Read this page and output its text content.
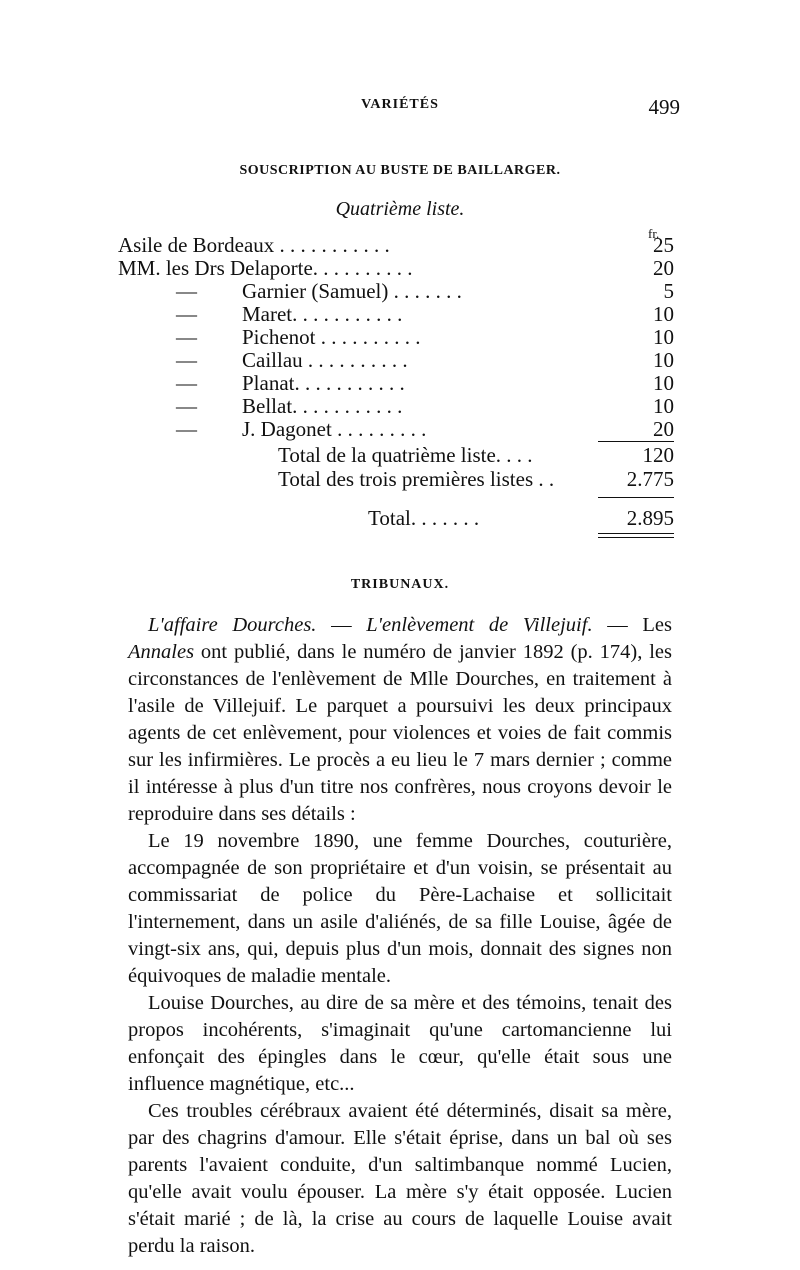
VARIÉTÉS	499
SOUSCRIPTION AU BUSTE DE BAILLARGER.
Quatrième liste.
fr.
Asile de Bordeaux . . . . . . . . . . .	25
MM. les Drs Delaporte. . . . . . . . . .	20
— Garnier (Samuel) . . . . . . .	5
— Maret. . . . . . . . . . .	10
— Pichenot . . . . . . . . . .	10
— Caillau . . . . . . . . . .	10
— Planat. . . . . . . . . . .	10
— Bellat. . . . . . . . . . .	10
— J. Dagonet . . . . . . . . .	20
Total de la quatrième liste. . . .	120
Total des trois premières listes . .	2.775
Total. . . . . . .	2.895
TRIBUNAUX.

L'affaire Dourches. — L'enlèvement de Villejuif. — Les Annales ont publié, dans le numéro de janvier 1892 (p. 174), les circonstances de l'enlèvement de Mlle Dourches, en traitement à l'asile de Villejuif. Le parquet a poursuivi les deux principaux agents de cet enlèvement, pour violences et voies de fait commis sur les infirmières. Le procès a eu lieu le 7 mars dernier ; comme il intéresse à plus d'un titre nos confrères, nous croyons devoir le reproduire dans ses détails :

Le 19 novembre 1890, une femme Dourches, couturière, accompagnée de son propriétaire et d'un voisin, se présentait au commissariat de police du Père-Lachaise et sollicitait l'internement, dans un asile d'aliénés, de sa fille Louise, âgée de vingt-six ans, qui, depuis plus d'un mois, donnait des signes non équivoques de maladie mentale.

Louise Dourches, au dire de sa mère et des témoins, tenait des propos incohérents, s'imaginait qu'une cartomancienne lui enfonçait des épingles dans le cœur, qu'elle était sous une influence magnétique, etc...

Ces troubles cérébraux avaient été déterminés, disait sa mère, par des chagrins d'amour. Elle s'était éprise, dans un bal où ses parents l'avaient conduite, d'un saltimbanque nommé Lucien, qu'elle avait voulu épouser. La mère s'y était opposée. Lucien s'était marié ; de là, la crise au cours de laquelle Louise avait perdu la raison.
